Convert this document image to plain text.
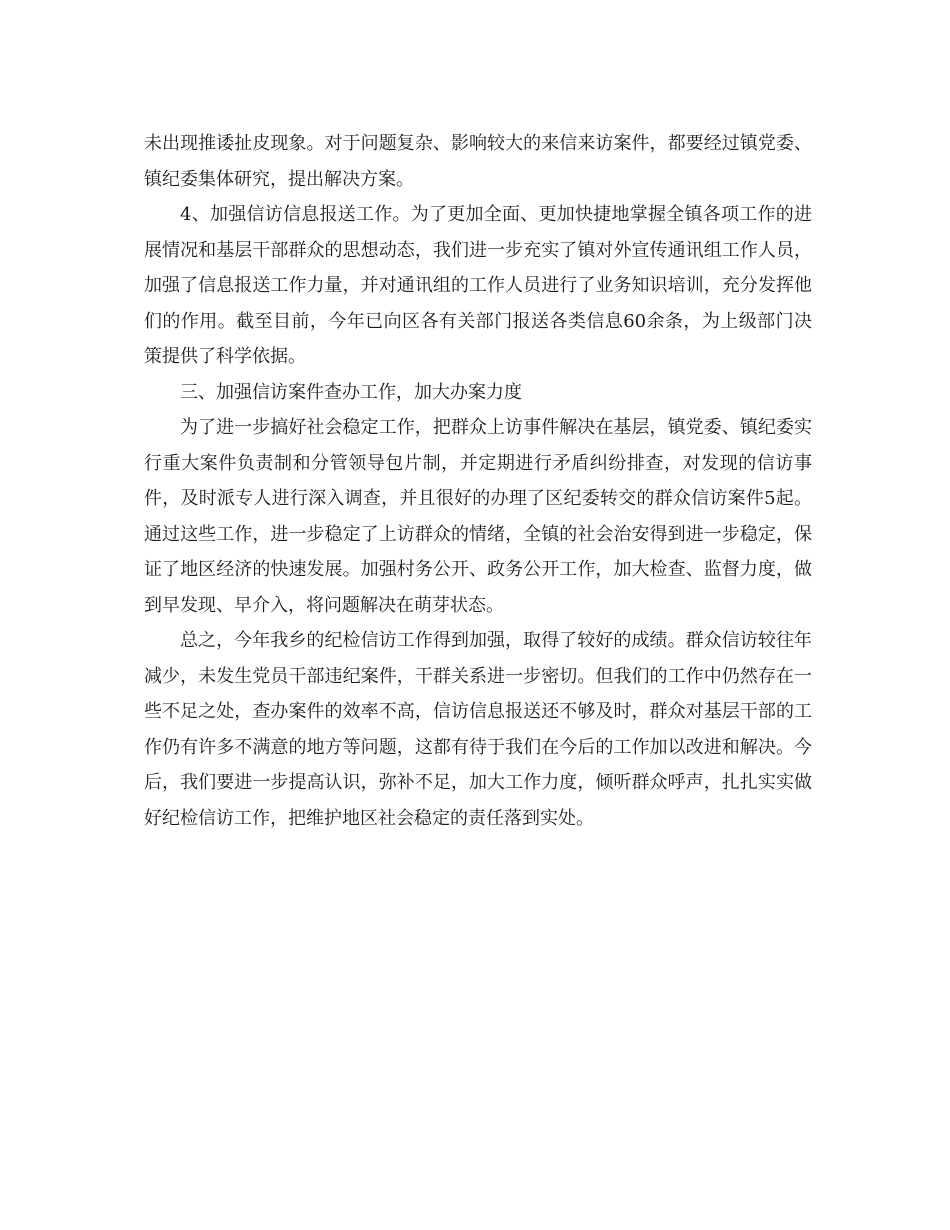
未出现推诿扯皮现象。对于问题复杂、影响较大的来信来访案件，都要经过镇党委、镇纪委集体研究，提出解决方案。

4、加强信访信息报送工作。为了更加全面、更加快捷地掌握全镇各项工作的进展情况和基层干部群众的思想动态，我们进一步充实了镇对外宣传通讯组工作人员，加强了信息报送工作力量，并对通讯组的工作人员进行了业务知识培训，充分发挥他们的作用。截至目前，今年已向区各有关部门报送各类信息60余条，为上级部门决策提供了科学依据。

三、加强信访案件查办工作，加大办案力度

为了进一步搞好社会稳定工作，把群众上访事件解决在基层，镇党委、镇纪委实行重大案件负责制和分管领导包片制，并定期进行矛盾纠纷排查，对发现的信访事件，及时派专人进行深入调查，并且很好的办理了区纪委转交的群众信访案件5起。通过这些工作，进一步稳定了上访群众的情绪，全镇的社会治安得到进一步稳定，保证了地区经济的快速发展。加强村务公开、政务公开工作，加大检查、监督力度，做到早发现、早介入，将问题解决在萌芽状态。

总之，今年我乡的纪检信访工作得到加强，取得了较好的成绩。群众信访较往年减少，未发生党员干部违纪案件，干群关系进一步密切。但我们的工作中仍然存在一些不足之处，查办案件的效率不高，信访信息报送还不够及时，群众对基层干部的工作仍有许多不满意的地方等问题，这都有待于我们在今后的工作加以改进和解决。今后，我们要进一步提高认识，弥补不足，加大工作力度，倾听群众呼声，扎扎实实做好纪检信访工作，把维护地区社会稳定的责任落到实处。
